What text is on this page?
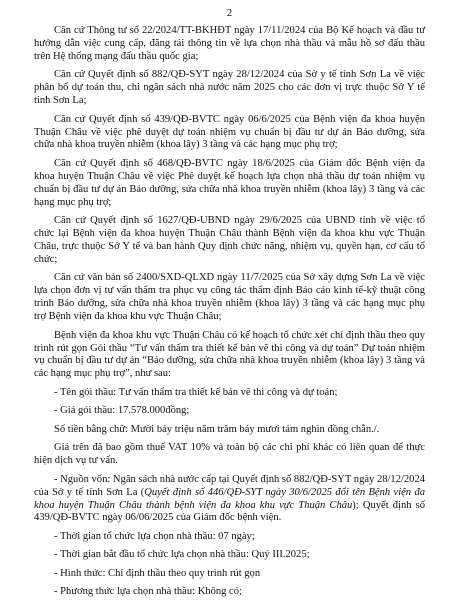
2

Căn cứ Thông tư số 22/2024/TT-BKHĐT ngày 17/11/2024 của Bộ Kế hoạch và đầu tư hướng dẫn việc cung cấp, đăng tải thông tin về lựa chọn nhà thầu và mẫu hồ sơ đấu thầu trên Hệ thống mạng đấu thầu quốc gia;

Căn cứ Quyết định số 882/QĐ-SYT ngày 28/12/2024 của Sở y tế tỉnh Sơn La về việc phân bổ dự toán thu, chi ngân sách nhà nước năm 2025 cho các đơn vị trực thuộc Sở Y tế tỉnh Sơn La;

Căn cứ Quyết định số 439/QĐ-BVTC ngày 06/6/2025 của Bệnh viện đa khoa huyện Thuận Châu về việc phê duyệt dự toán nhiệm vụ chuẩn bị đầu tư dự án Bảo dưỡng, sửa chữa nhà khoa truyền nhiễm (khoa lây) 3 tầng và các hạng mục phụ trợ;

Căn cứ Quyết định số 468/QĐ-BVTC ngày 18/6/2025 của Giám đốc Bệnh viện đa khoa huyện Thuận Châu về việc Phê duyệt kế hoạch lựa chọn nhà thầu dự toán nhiệm vụ chuẩn bị đầu tư dự án Bảo dưỡng, sửa chữa nhà khoa truyền nhiễm (khoa lây) 3 tầng và các hạng mục phụ trợ;

Căn cứ Quyết định số 1627/QĐ-UBND ngày 29/6/2025 của UBND tỉnh về việc tổ chức lại Bệnh viện đa khoa huyện Thuận Châu thành Bệnh viện đa khoa khu vực Thuận Châu, trực thuộc Sở Y tế và ban hành Quy định chức năng, nhiệm vụ, quyền hạn, cơ cấu tổ chức;

Căn cứ văn bản số 2400/SXD-QLXD ngày 11/7/2025 của Sở xây dựng Sơn La về việc lựa chọn đơn vị tư vấn thẩm tra phục vụ công tác thẩm định Báo cáo kinh tế-kỹ thuật công trình Bảo dưỡng, sửa chữa nhà khoa truyền nhiễm (khoa lây) 3 tầng và các hạng mục phụ trợ Bệnh viện đa khoa khu vực Thuận Châu;

Bệnh viện đa khoa khu vực Thuận Châu có kế hoạch tổ chức xét chỉ định thầu theo quy trình rút gọn Gói thầu “Tư vấn thẩm tra thiết kế bản vẽ thi công và dự toán” Dự toán nhiệm vụ chuẩn bị đầu tư dự án “Bảo dưỡng, sửa chữa nhà khoa truyền nhiễm (khoa lây) 3 tầng và các hạng mục phụ trợ”, như sau:

- Tên gói thầu: Tư vấn thẩm tra thiết kế bản vẽ thi công và dự toán;
- Giá gói thầu: 17.578.000đồng;

Số tiền bằng chữ: Mười bảy triệu năm trăm bảy mươi tám nghìn đồng chẵn./.

Giá trên đã bao gồm thuế VAT 10% và toàn bộ các chi phí khác có liên quan để thực hiện dịch vụ tư vấn.

- Nguồn vốn: Ngân sách nhà nước cấp tại Quyết định số 882/QĐ-SYT ngày 28/12/2024 của Sở y tế tỉnh Sơn La (Quyết định số 446/QĐ-SYT ngày 30/6/2025 đổi tên Bệnh viện đa khoa huyện Thuận Châu thành bệnh viện đa khoa khu vực Thuận Châu); Quyết định số 439/QĐ-BVTC ngày 06/06/2025 của Giám đốc bệnh viện.

- Thời gian tổ chức lựa chọn nhà thầu: 07 ngày;
- Thời gian bắt đầu tổ chức lựa chọn nhà thầu: Quý III.2025;
- Hình thức: Chỉ định thầu theo quy trình rút gọn
- Phương thức lựa chọn nhà thầu: Không có;
